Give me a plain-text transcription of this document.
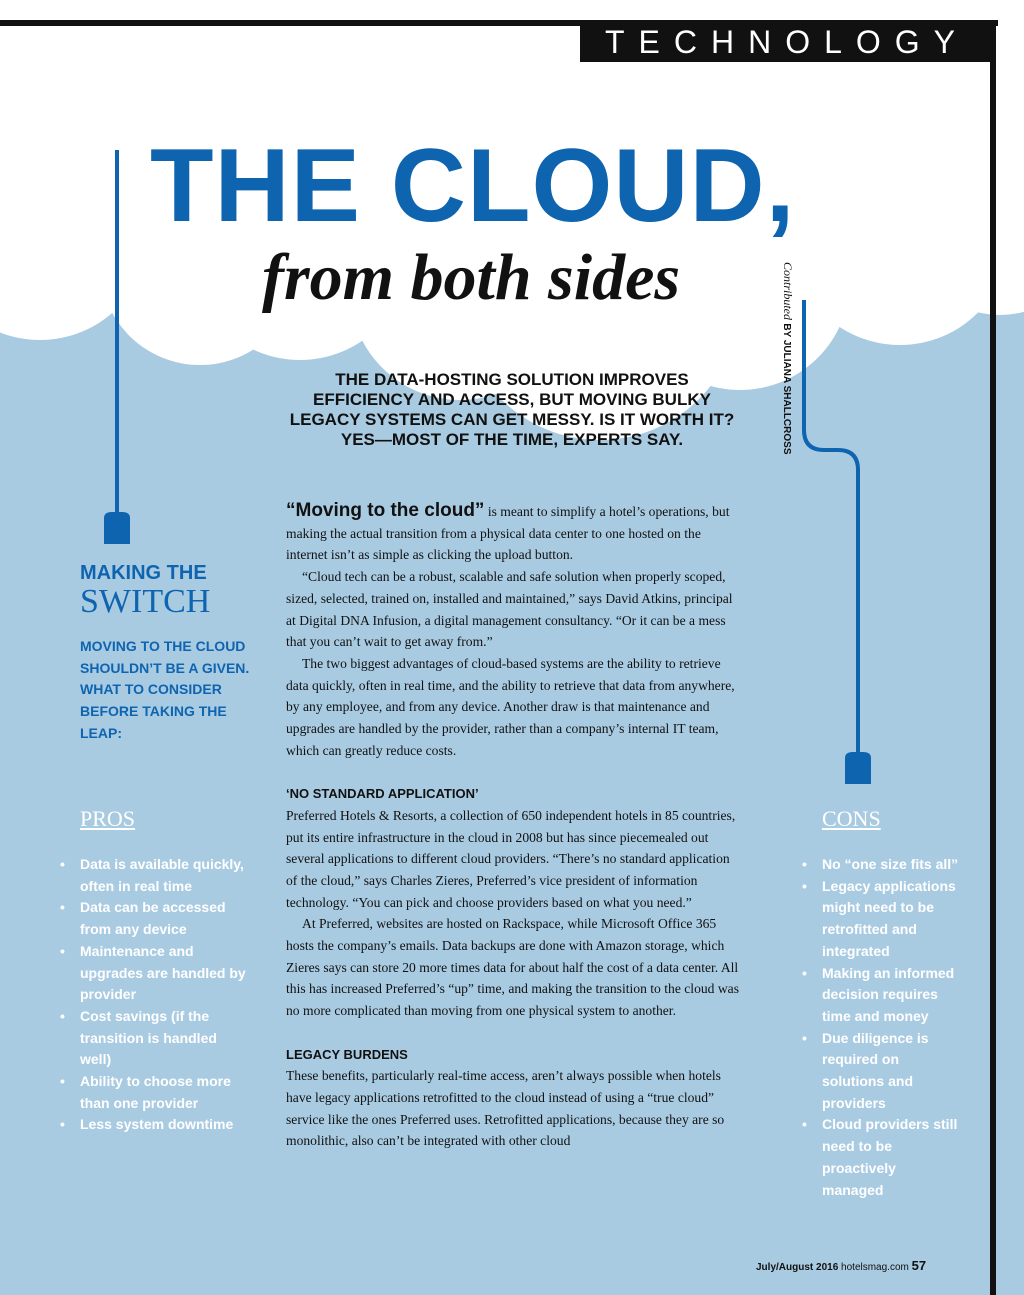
TECHNOLOGY
THE CLOUD,
from both sides	Contributed BY JULIANA SHALLCROSS
THE DATA-HOSTING SOLUTION IMPROVES EFFICIENCY AND ACCESS, BUT MOVING BULKY LEGACY SYSTEMS CAN GET MESSY. IS IT WORTH IT? YES—MOST OF THE TIME, EXPERTS SAY.
MAKING THE
SWITCH
MOVING TO THE CLOUD SHOULDN’T BE A GIVEN. WHAT TO CONSIDER BEFORE TAKING THE LEAP:
PROS
• Data is available quickly, often in real time
• Data can be accessed from any device
• Maintenance and upgrades are handled by provider
• Cost savings (if the transition is handled well)
• Ability to choose more than one provider
• Less system downtime
CONS
• No “one size fits all”
• Legacy applications might need to be retrofitted and integrated
• Making an informed decision requires time and money
• Due diligence is required on solutions and providers
• Cloud providers still need to be proactively managed

“Moving to the cloud” is meant to simplify a hotel’s operations, but making the actual transition from a physical data center to one hosted on the internet isn’t as simple as clicking the upload button.

“Cloud tech can be a robust, scalable and safe solution when properly scoped, sized, selected, trained on, installed and maintained,” says David Atkins, principal at Digital DNA Infusion, a digital management consultancy. “Or it can be a mess that you can’t wait to get away from.”

The two biggest advantages of cloud-based systems are the ability to retrieve data quickly, often in real time, and the ability to retrieve that data from anywhere, by any employee, and from any device. Another draw is that maintenance and upgrades are handled by the provider, rather than a company’s internal IT team, which can greatly reduce costs.

‘NO STANDARD APPLICATION’

Preferred Hotels & Resorts, a collection of 650 independent hotels in 85 countries, put its entire infrastructure in the cloud in 2008 but has since piecemealed out several applications to different cloud providers. “There’s no standard application of the cloud,” says Charles Zieres, Preferred’s vice president of information technology. “You can pick and choose providers based on what you need.”

At Preferred, websites are hosted on Rackspace, while Microsoft Office 365 hosts the company’s emails. Data backups are done with Amazon storage, which Zieres says can store 20 more times data for about half the cost of a data center. All this has increased Preferred’s “up” time, and making the transition to the cloud was no more complicated than moving from one physical system to another.

LEGACY BURDENS

These benefits, particularly real-time access, aren’t always possible when hotels have legacy applications retrofitted to the cloud instead of using a “true cloud” service like the ones Preferred uses. Retrofitted applications, because they are so monolithic, also can’t be integrated with other cloud

July/August 2016 hotelsmag.com 57
